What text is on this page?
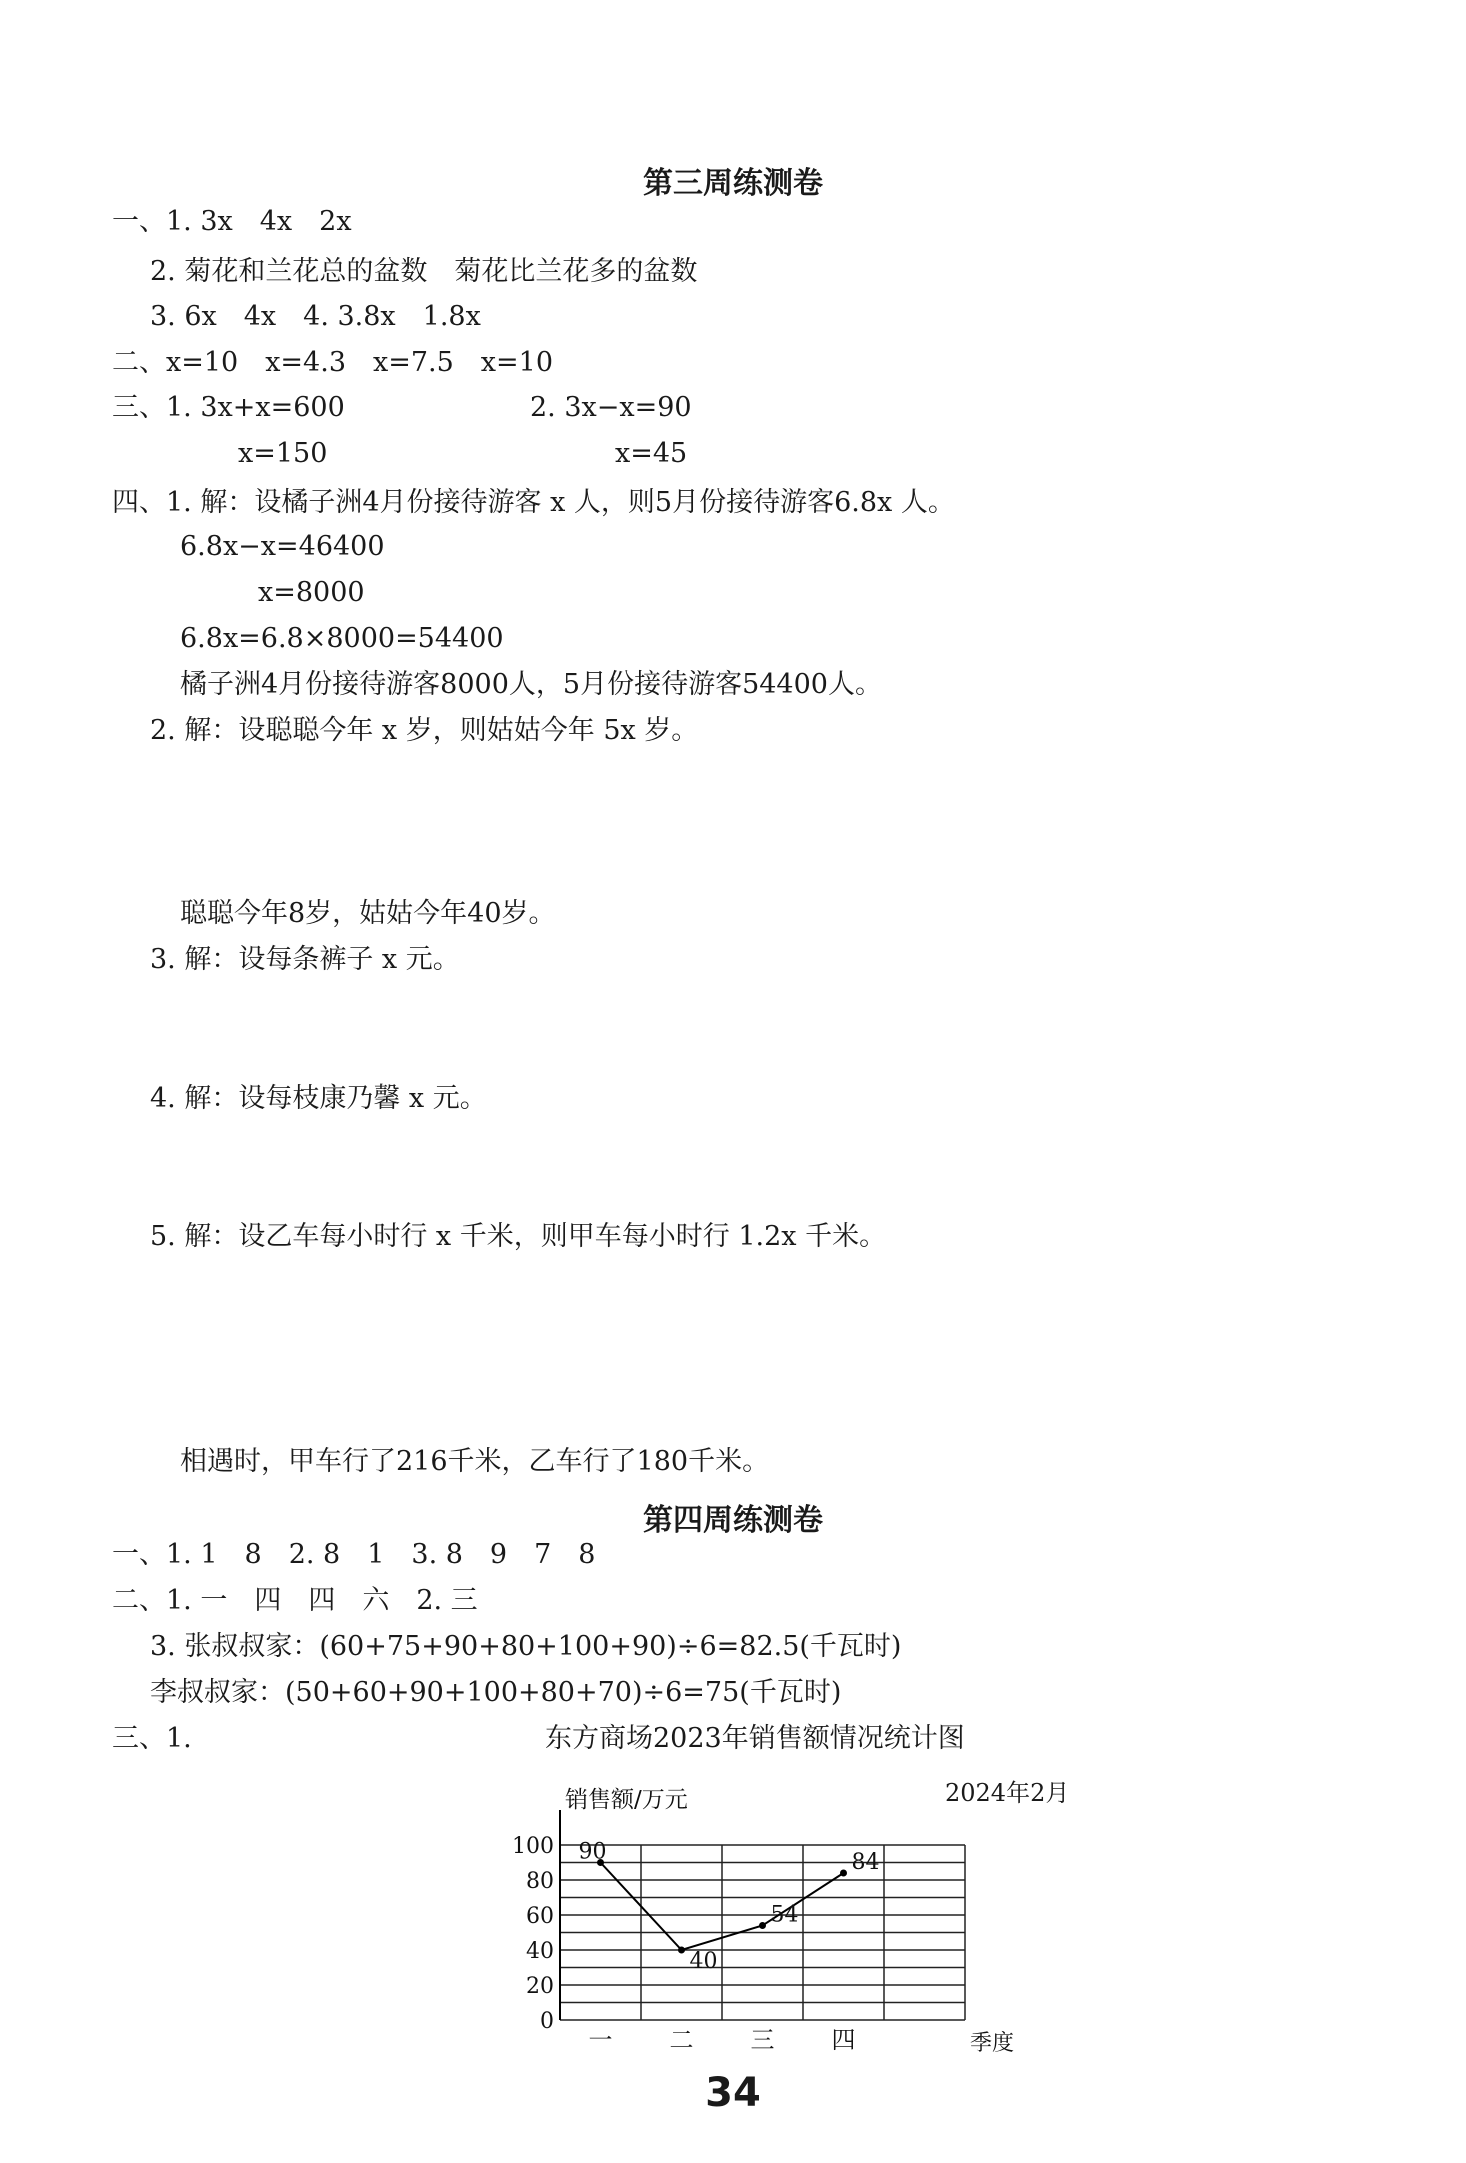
第三周练测卷
一、1. 3x　4x　2x
2. 菊花和兰花总的盆数　菊花比兰花多的盆数
3. 6x　4x　4. 3.8x　1.8x
二、x=10　x=4.3　x=7.5　x=10
三、1. 3x+x=600	2. 3x−x=90
x=150	x=45
四、1. 解：设橘子洲4月份接待游客 x 人，则5月份接待游客6.8x 人。
6.8x−x=46400
x=8000
6.8x=6.8×8000=54400
橘子洲4月份接待游客8000人，5月份接待游客54400人。
2. 解：设聪聪今年 x 岁，则姑姑今年 5x 岁。
聪聪今年8岁，姑姑今年40岁。
3. 解：设每条裤子 x 元。
4. 解：设每枝康乃馨 x 元。
5. 解：设乙车每小时行 x 千米，则甲车每小时行 1.2x 千米。
相遇时，甲车行了216千米，乙车行了180千米。
第四周练测卷
一、1. 1　8　2. 8　1　3. 8　9　7　8
二、1. 一　四　四　六　2. 三
3. 张叔叔家：(60+75+90+80+100+90)÷6=82.5(千瓦时)
李叔叔家：(50+60+90+100+80+70)÷6=75(千瓦时)
三、1.	东方商场2023年销售额情况统计图
2024年2月
0
20
40
60
80
100
一 二 三 四
销售额/万元
季度
90
40
54
84
34
